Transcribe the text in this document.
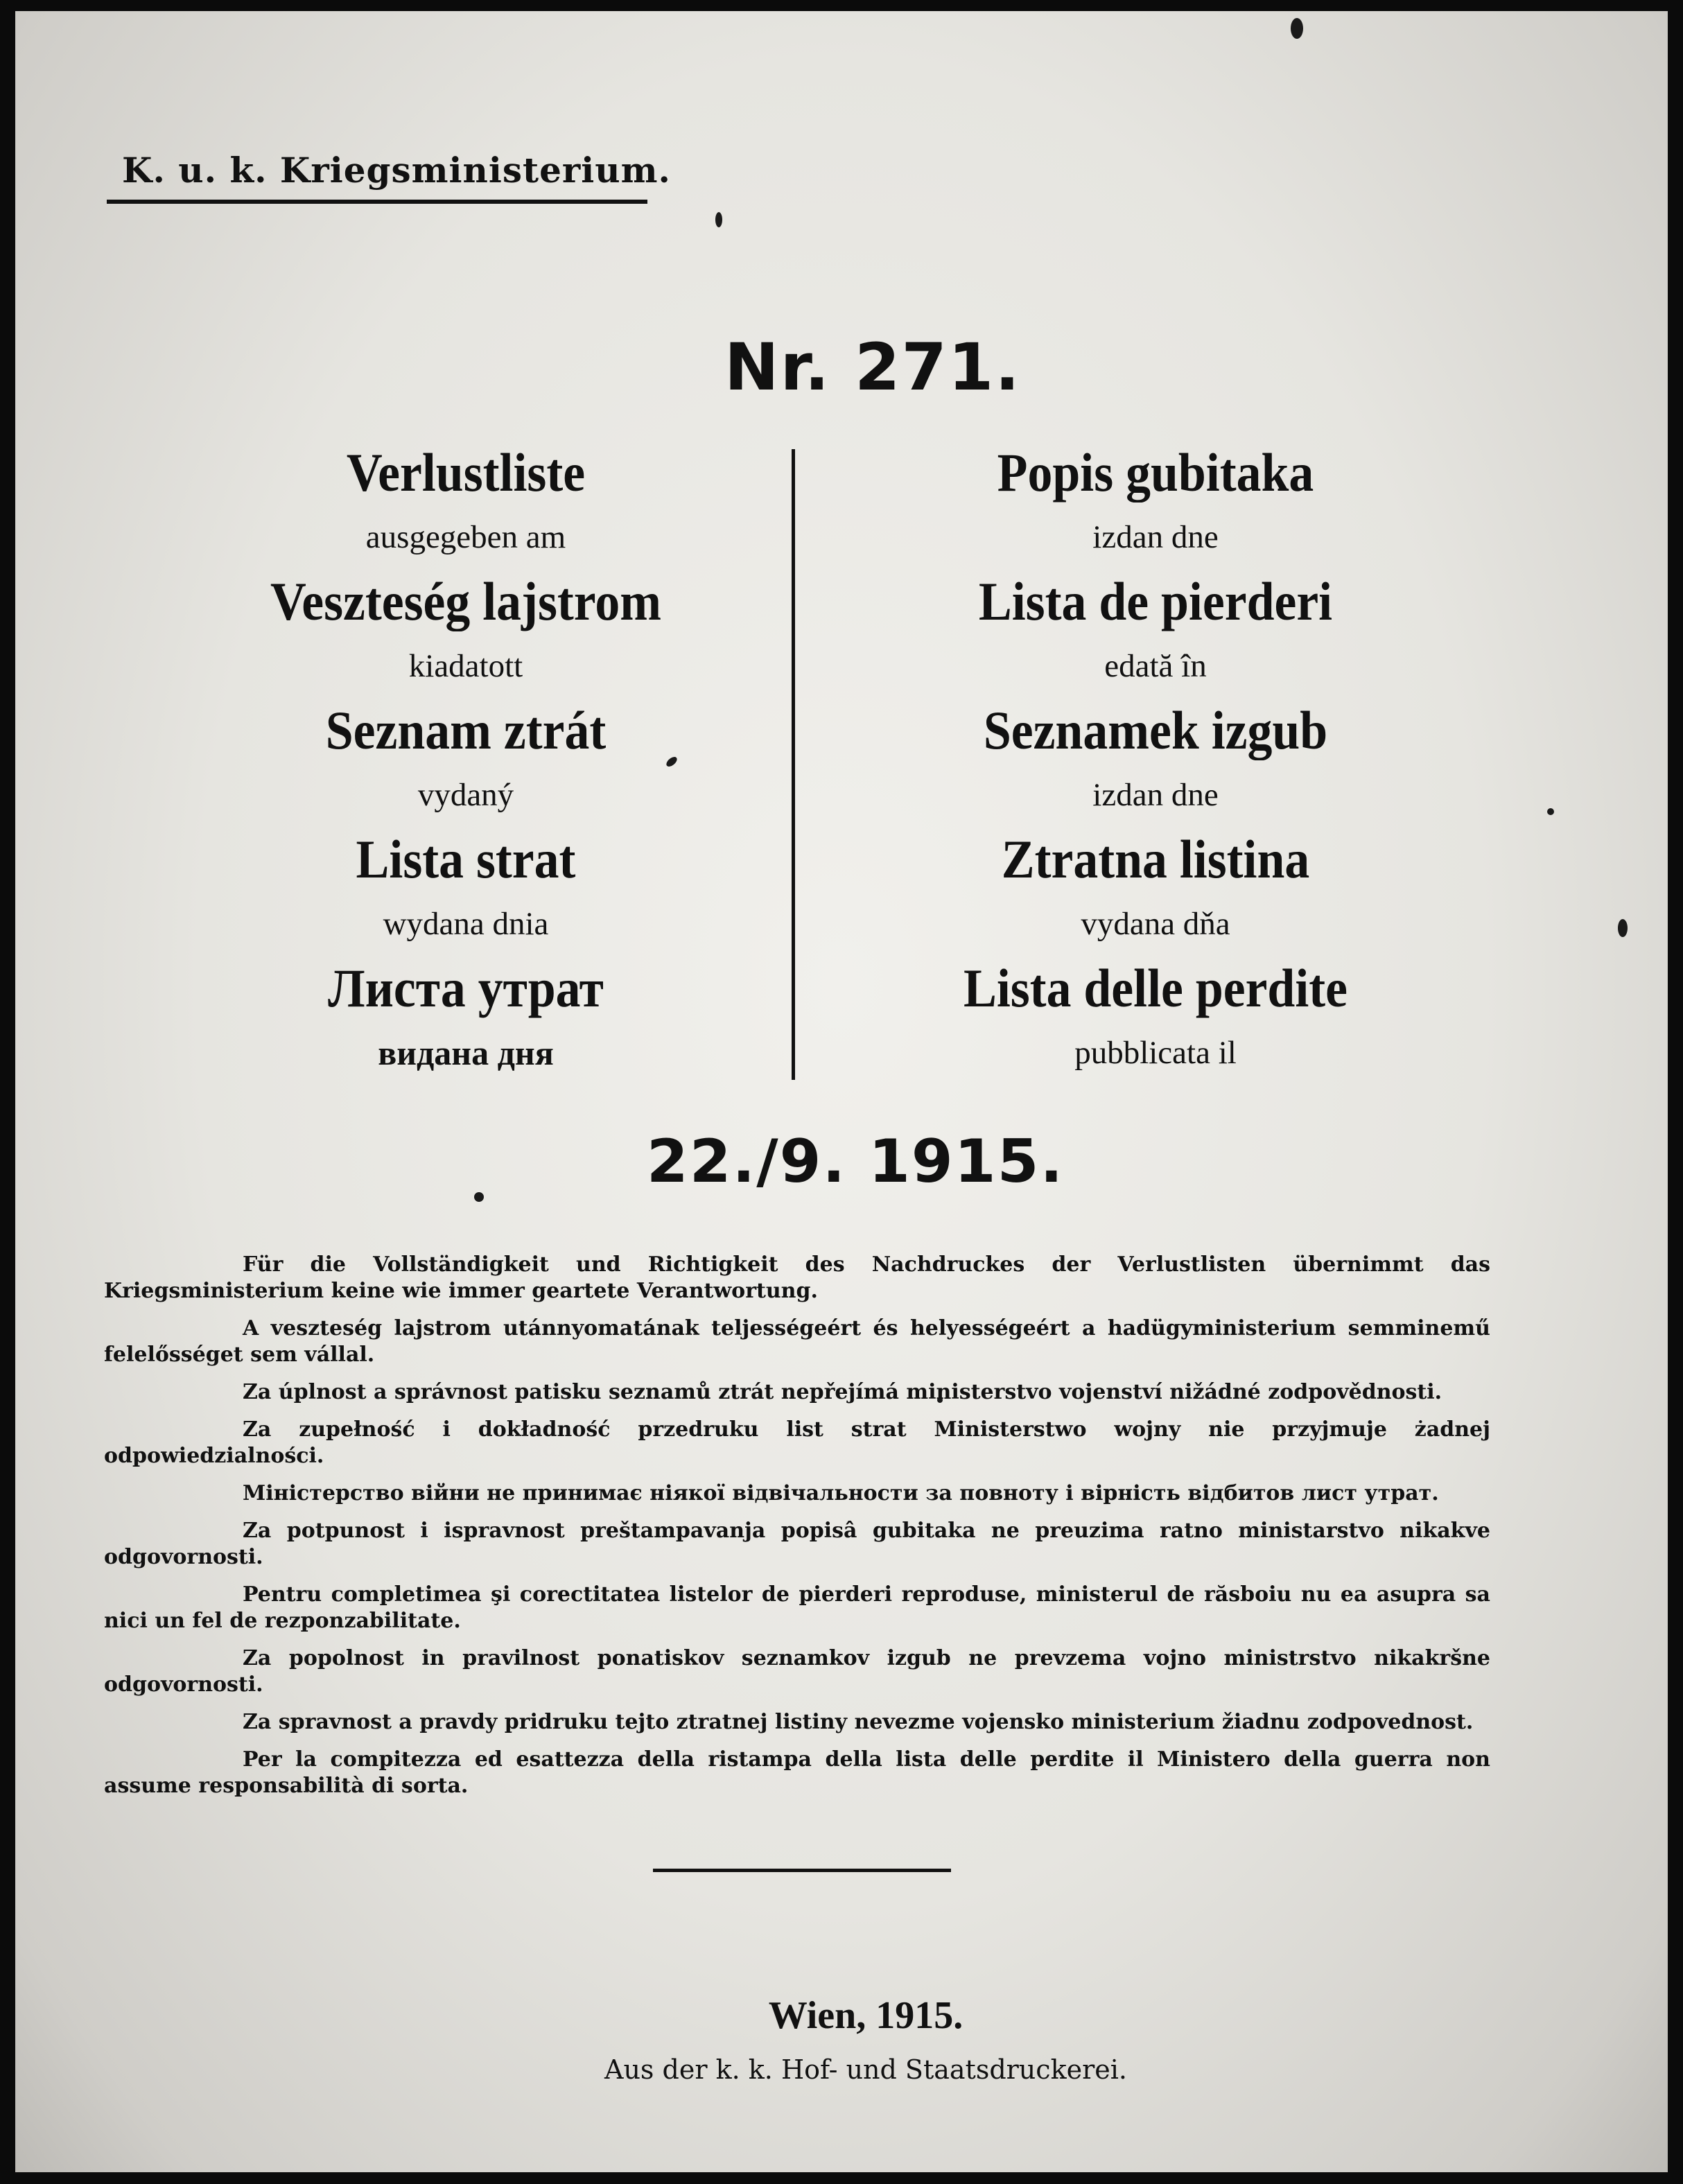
K. u. k. Kriegsministerium.
Nr. 271.
Verlustliste
ausgegeben am
Veszteség lajstrom
kiadatott
Seznam ztrát
vydaný
Lista strat
wydana dnia
Листа утрат
видана дня
Popis gubitaka
izdan dne
Lista de pierderi
edată în
Seznamek izgub
izdan dne
Ztratna listina
vydana dňa
Lista delle perdite
pubblicata il
22./9. 1915.

Für die Vollständigkeit und Richtigkeit des Nachdruckes der Verlustlisten übernimmt das Kriegsministerium keine wie immer geartete Verantwortung.

A veszteség lajstrom utánnyomatának teljességeért és helyességeért a hadügyministerium semminemű felelősséget sem vállal.

Za úplnost a správnost patisku seznamů ztrát nepřejímá ministerstvo vojenství nižádné zodpovědnosti.

Za zupełność i dokładność przedruku list strat Ministerstwo wojny nie przyjmuje żadnej odpowiedzialności.

Міністерство війни не принимає ніякої відвічальности за повноту і вірність відбитов лист утрат.

Za potpunost i ispravnost preštampavanja popisâ gubitaka ne preuzima ratno ministarstvo nikakve odgovornosti.

Pentru completimea şi corectitatea listelor de pierderi reproduse, ministerul de răsboiu nu ea asupra sa nici un fel de rezponzabilitate.

Za popolnost in pravilnost ponatiskov seznamkov izgub ne prevzema vojno ministrstvo nikakršne odgovornosti.

Za spravnost a pravdy pridruku tejto ztratnej listiny nevezme vojensko ministerium žiadnu zodpovednost.

Per la compitezza ed esattezza della ristampa della lista delle perdite il Ministero della guerra non assume responsabilità di sorta.

Wien, 1915.
Aus der k. k. Hof- und Staatsdruckerei.
